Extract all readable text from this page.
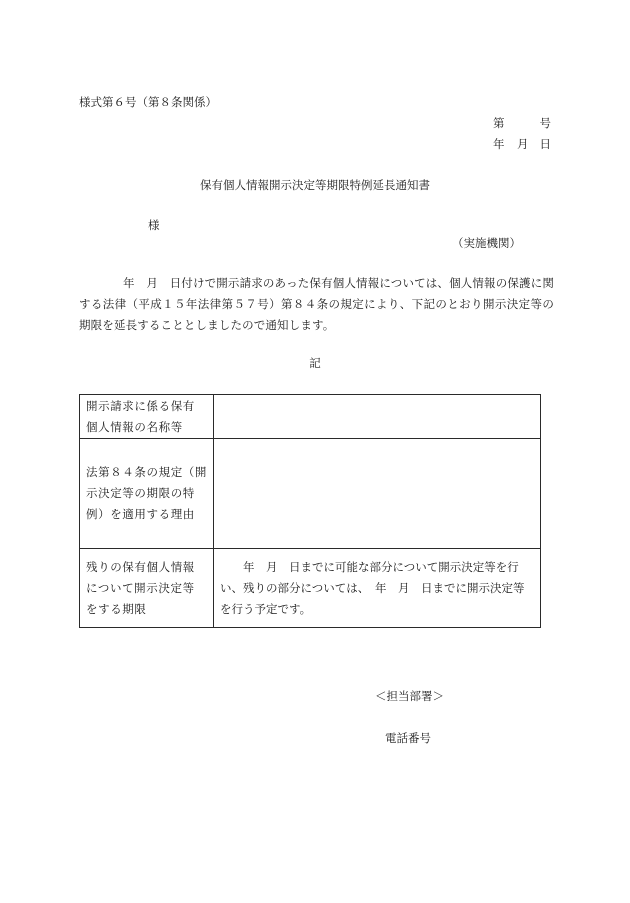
様式第６号（第８条関係）
第	号
年 月 日
保有個人情報開示決定等期限特例延長通知書
様
（実施機関）
年　月　日付けで開示請求のあった保有個人情報については、個人情報の保護に関する法律（平成１５年法律第５７号）第８４条の規定により、下記のとおり開示決定等の期限を延長することとしましたので通知します。
記
開示請求に係る保有
個人情報の名称等	

法第８４条の規定（開
示決定等の期限の特
例）を適用する理由	

残りの保有個人情報
について開示決定等
をする期限	　　年　月　日までに可能な部分について開示決定等を行い、残りの部分については、　年　月　日までに開示決定等を行う予定です。
＜担当部署＞
電話番号
